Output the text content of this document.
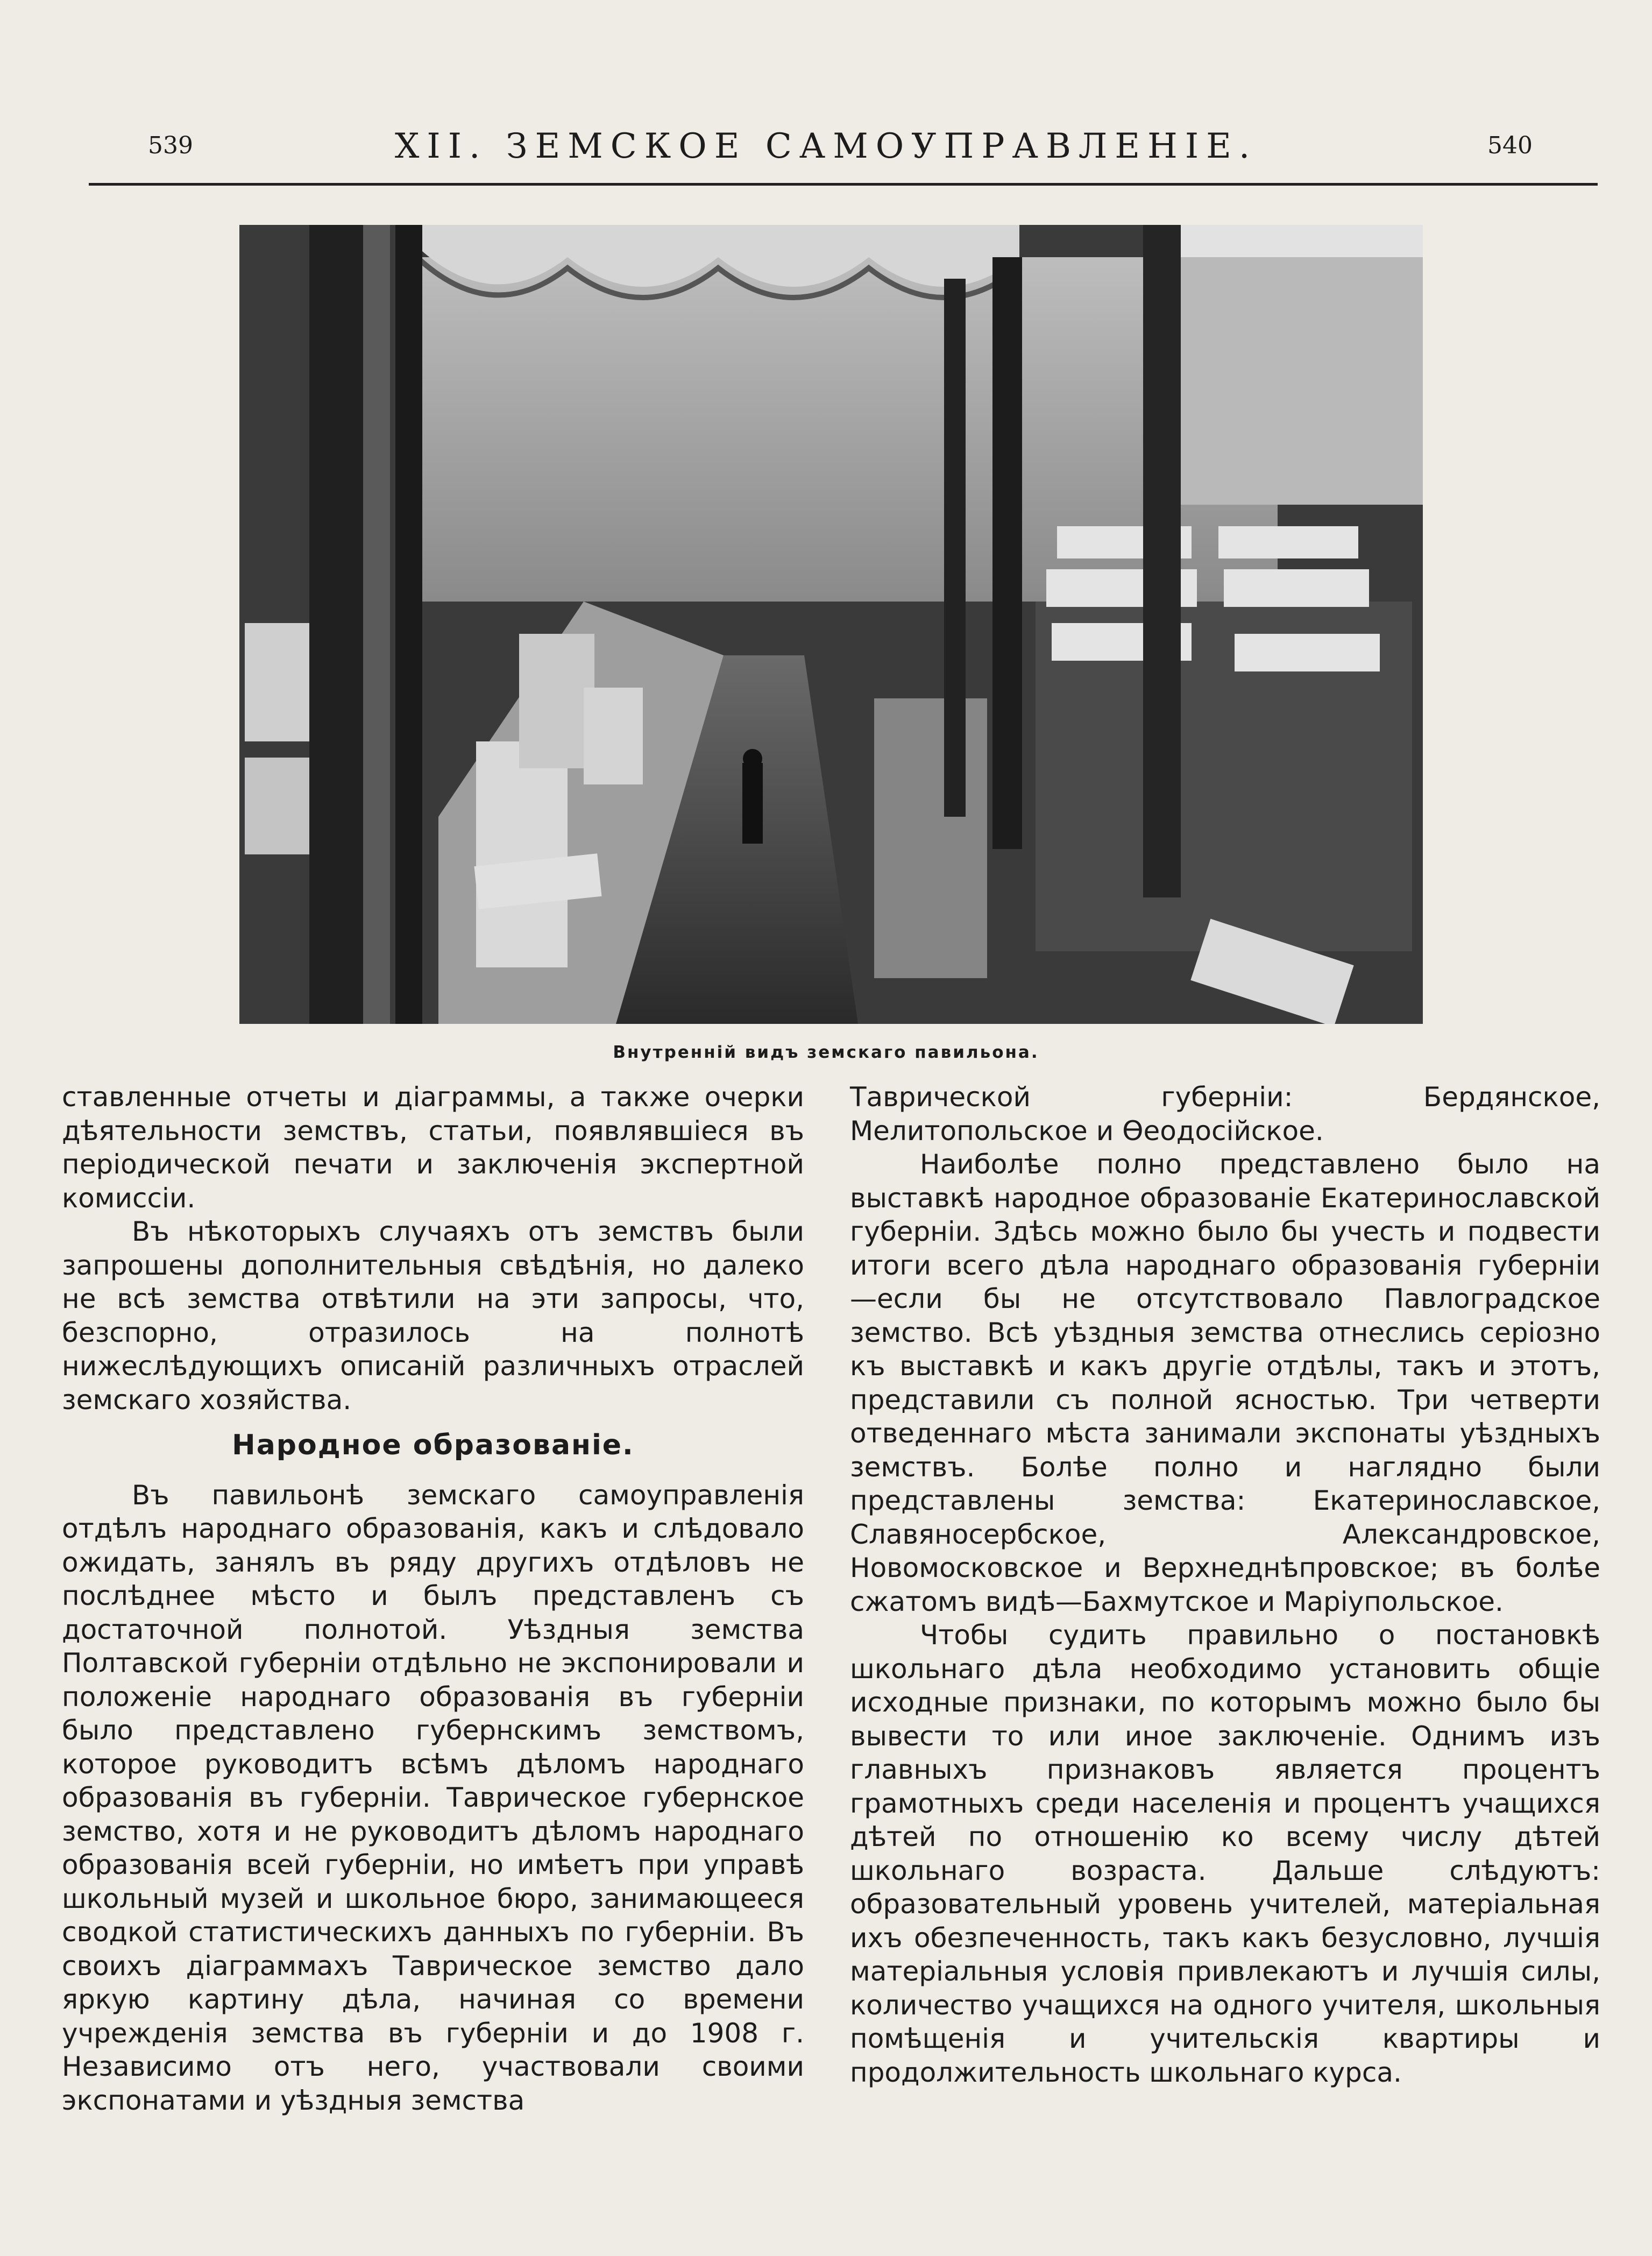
539	XII. ЗЕМСКОЕ САМОУПРАВЛЕНIЕ.	540
Внутреннiй видъ земскаго павильона.

ставленные отчеты и дiаграммы, а также очерки дѣятельности земствъ, статьи, появлявшiеся въ перiодической печати и заключенiя экспертной комиссiи.

Въ нѣкоторыхъ случаяхъ отъ земствъ были запрошены дополнительныя свѣдѣнiя, но далеко не всѣ земства отвѣтили на эти запросы, что, безспорно, отразилось на полнотѣ нижеслѣдующихъ описанiй различныхъ отраслей земскаго хозяйства.

Народное образованiе.

Въ павильонѣ земскаго самоуправленiя отдѣлъ народнаго образованiя, какъ и слѣдовало ожидать, занялъ въ ряду другихъ отдѣловъ не послѣднее мѣсто и былъ представленъ съ достаточной полнотой. Уѣздныя земства Полтавской губернiи отдѣльно не экспонировали и положенiе народнаго образованiя въ губернiи было представлено губернскимъ земствомъ, которое руководитъ всѣмъ дѣломъ народнаго образованiя въ губернiи. Таврическое губернское земство, хотя и не руководитъ дѣломъ народнаго образованiя всей губернiи, но имѣетъ при управѣ школьный музей и школьное бюро, занимающееся сводкой статистическихъ данныхъ по губернiи. Въ своихъ дiаграммахъ Таврическое земство дало яркую картину дѣла, начиная со времени учрежденiя земства въ губернiи и до 1908 г. Независимо отъ него, участвовали своими экспонатами и уѣздныя земства

Таврической губернiи: Бердянское, Мелитопольское и Ѳеодосiйское.

Наиболѣе полно представлено было на выставкѣ народное образованiе Екатеринославской губернiи. Здѣсь можно было бы учесть и подвести итоги всего дѣла народнаго образованiя губернiи —если бы не отсутствовало Павлоградское земство. Всѣ уѣздныя земства отнеслись серiозно къ выставкѣ и какъ другiе отдѣлы, такъ и этотъ, представили съ полной ясностью. Три четверти отведеннаго мѣста занимали экспонаты уѣздныхъ земствъ. Болѣе полно и наглядно были представлены земства: Екатеринославское, Славяносербское, Александровское, Новомосковское и Верхнеднѣпровское; въ болѣе сжатомъ видѣ—Бахмутское и Марiупольское.

Чтобы судить правильно о постановкѣ школьнаго дѣла необходимо установить общiе исходные признаки, по которымъ можно было бы вывести то или иное заключенiе. Однимъ изъ главныхъ признаковъ является процентъ грамотныхъ среди населенiя и процентъ учащихся дѣтей по отношенiю ко всему числу дѣтей школьнаго возраста. Дальше слѣдуютъ: образовательный уровень учителей, матерiальная ихъ обезпеченность, такъ какъ безусловно, лучшiя матерiальныя условiя привлекаютъ и лучшiя силы, количество учащихся на одного учителя, школьныя помѣщенiя и учительскiя квартиры и продолжительность школьнаго курса.
